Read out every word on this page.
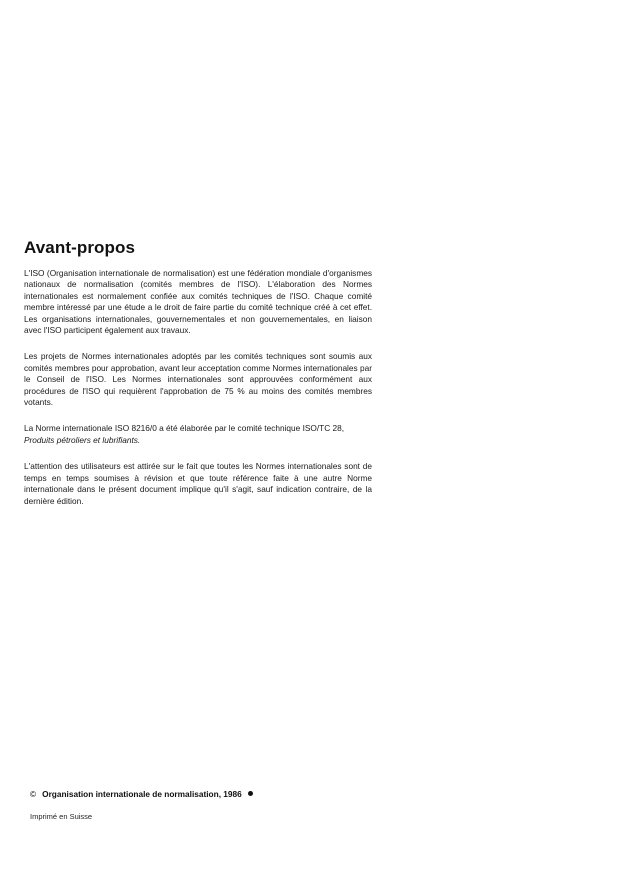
Avant-propos

L'ISO (Organisation internationale de normalisation) est une fédération mondiale d'organismes nationaux de normalisation (comités membres de l'ISO). L'élaboration des Normes internationales est normalement confiée aux comités techniques de l'ISO. Chaque comité membre intéressé par une étude a le droit de faire partie du comité technique créé à cet effet. Les organisations internationales, gouvernementales et non gouvernementales, en liaison avec l'ISO participent également aux travaux.

Les projets de Normes internationales adoptés par les comités techniques sont soumis aux comités membres pour approbation, avant leur acceptation comme Normes internationales par le Conseil de l'ISO. Les Normes internationales sont approuvées conformément aux procédures de l'ISO qui requièrent l'approbation de 75 % au moins des comités membres votants.

La Norme internationale ISO 8216/0 a été élaborée par le comité technique ISO/TC 28,
Produits pétroliers et lubrifiants.

L'attention des utilisateurs est attirée sur le fait que toutes les Normes internationales sont de temps en temps soumises à révision et que toute référence faite à une autre Norme internationale dans le présent document implique qu'il s'agit, sauf indication contraire, de la dernière édition.

© Organisation internationale de normalisation, 1986
Imprimé en Suisse
